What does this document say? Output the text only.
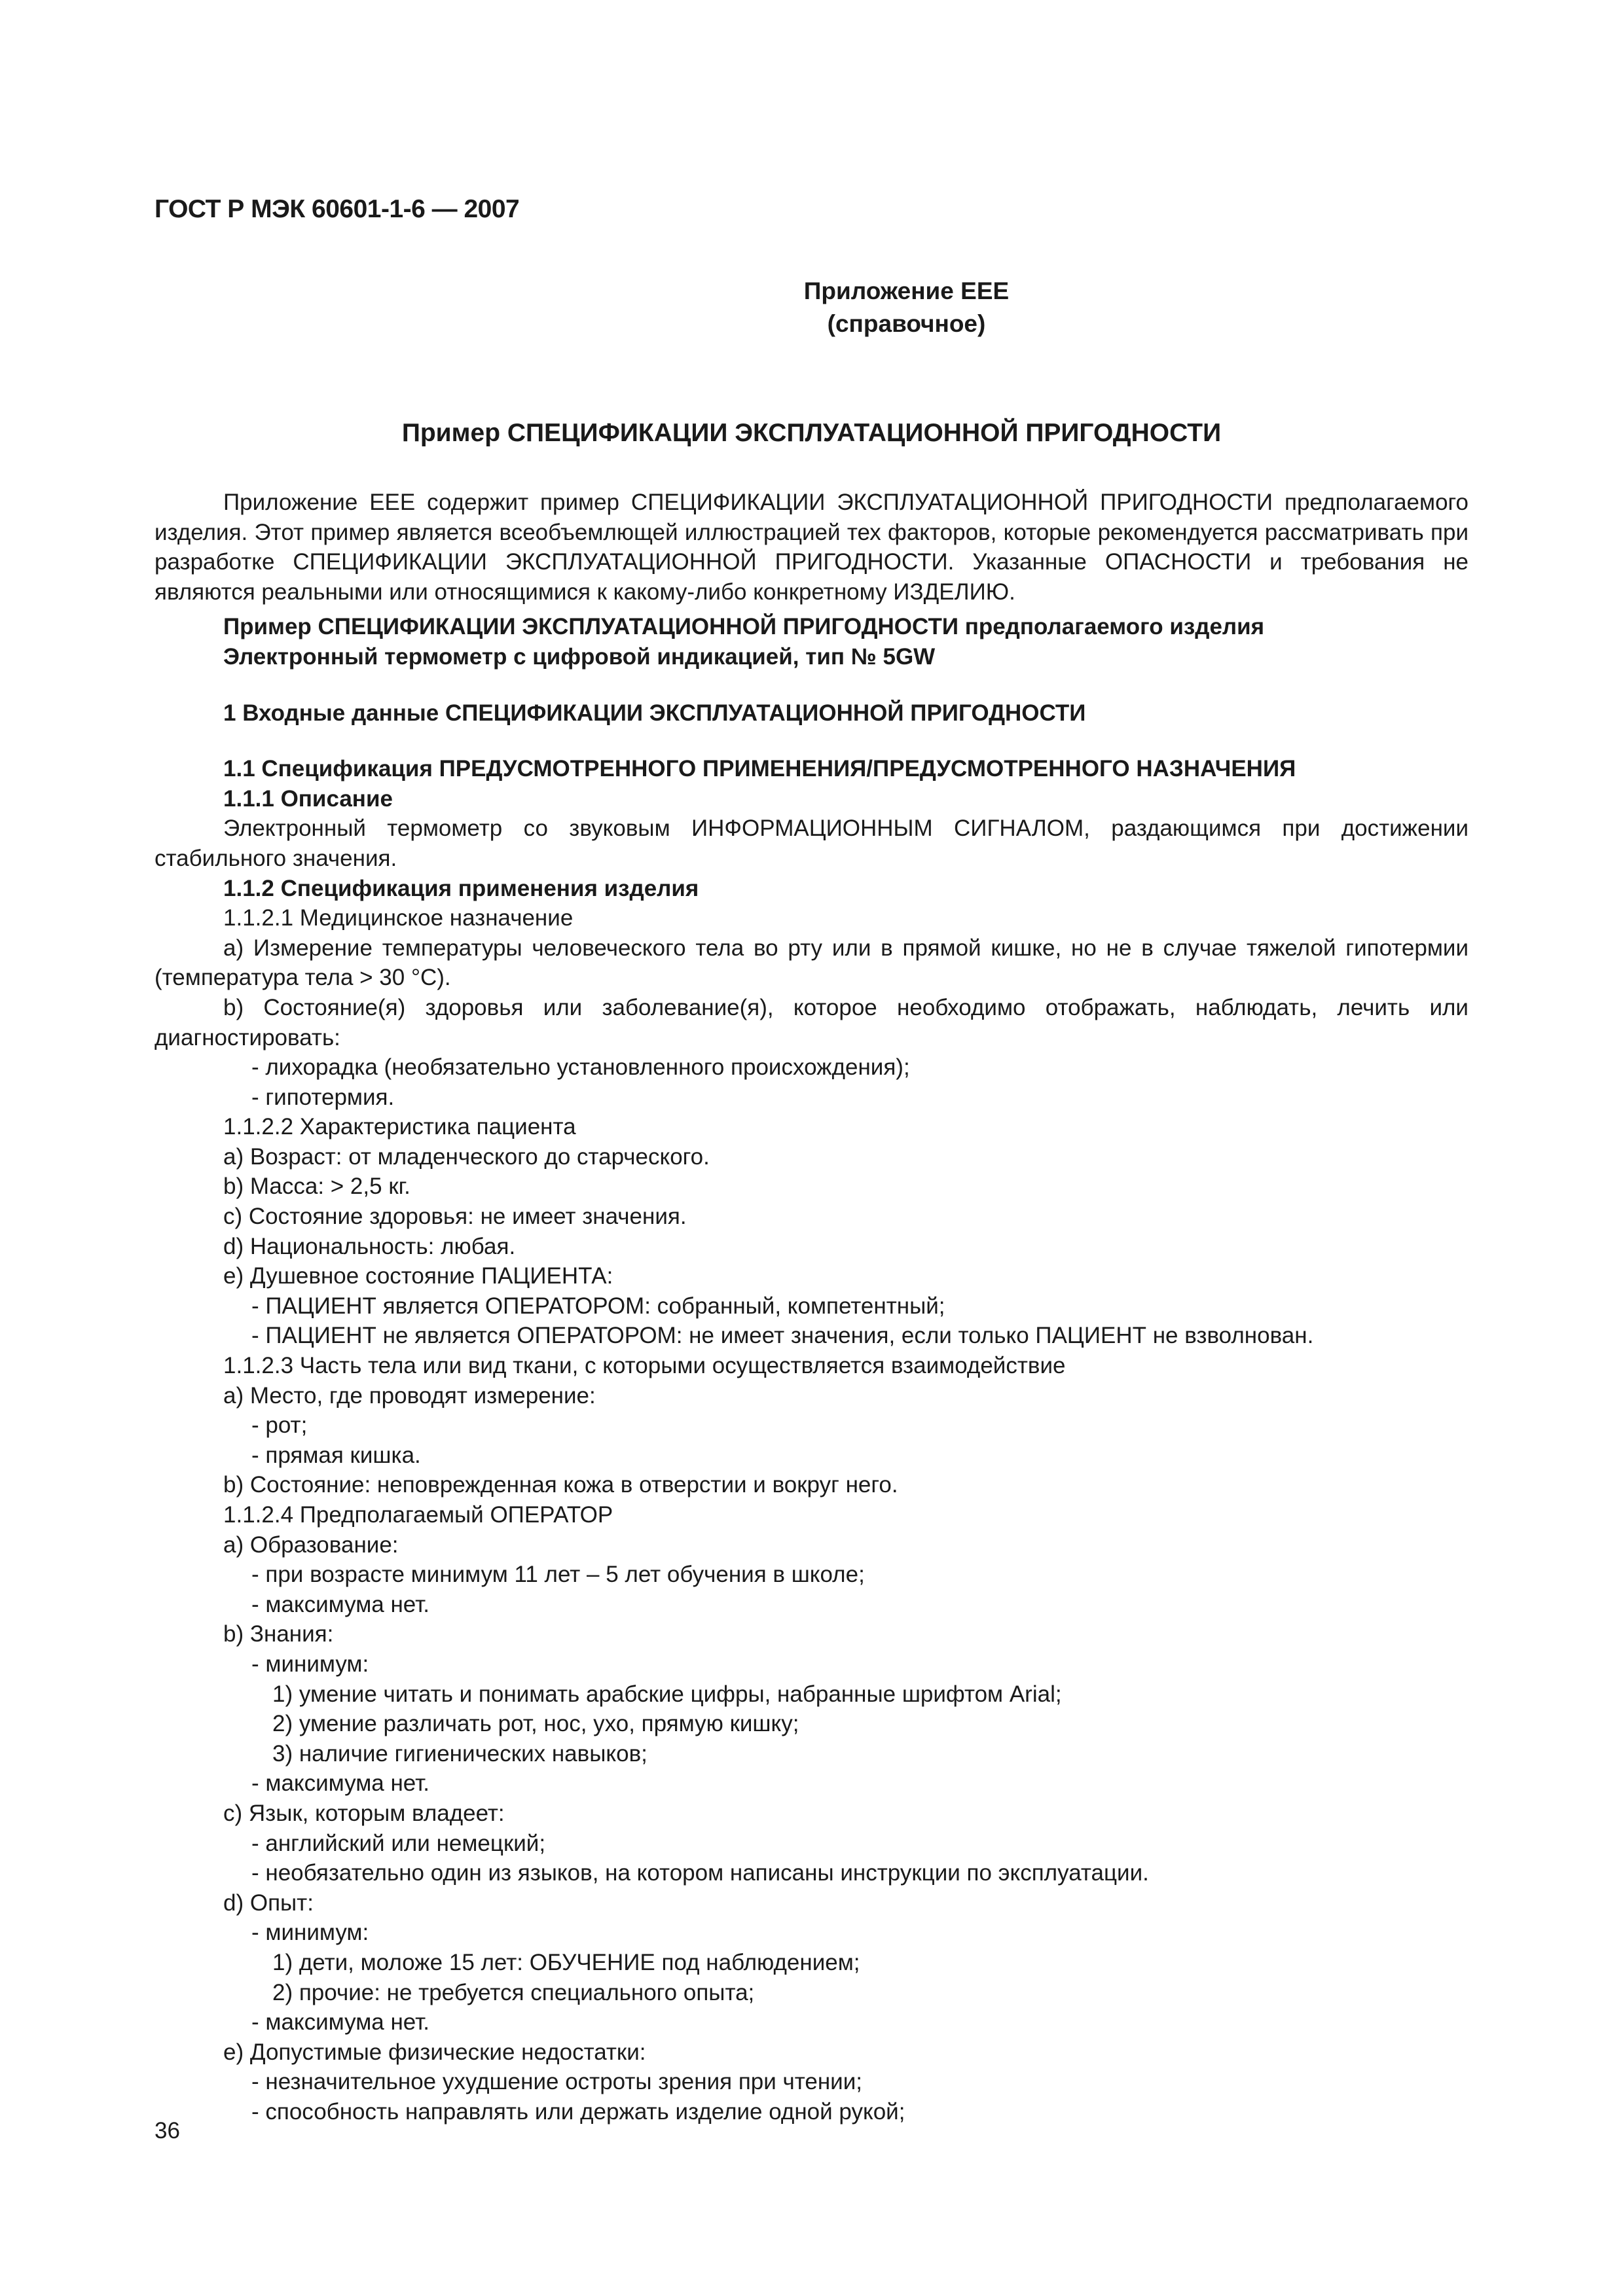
ГОСТ Р МЭК 60601-1-6 — 2007
Приложение ЕЕЕ
(справочное)
Пример СПЕЦИФИКАЦИИ ЭКСПЛУАТАЦИОННОЙ ПРИГОДНОСТИ
Приложение ЕЕЕ содержит пример СПЕЦИФИКАЦИИ ЭКСПЛУАТАЦИОННОЙ ПРИГОДНОСТИ предполагаемого изделия. Этот пример является всеобъемлющей иллюстрацией тех факторов, которые рекомендуется рассматривать при разработке СПЕЦИФИКАЦИИ ЭКСПЛУАТАЦИОННОЙ ПРИГОДНОСТИ. Указанные ОПАСНОСТИ и требования не являются реальными или относящимися к какому-либо конкретному ИЗДЕЛИЮ.
Пример СПЕЦИФИКАЦИИ ЭКСПЛУАТАЦИОННОЙ ПРИГОДНОСТИ предполагаемого изделия
Электронный термометр с цифровой индикацией, тип № 5GW
1 Входные данные СПЕЦИФИКАЦИИ ЭКСПЛУАТАЦИОННОЙ ПРИГОДНОСТИ
1.1 Спецификация ПРЕДУСМОТРЕННОГО ПРИМЕНЕНИЯ/ПРЕДУСМОТРЕННОГО НАЗНАЧЕНИЯ
1.1.1 Описание
Электронный термометр со звуковым ИНФОРМАЦИОННЫМ СИГНАЛОМ, раздающимся при достижении стабильного значения.
1.1.2 Спецификация применения изделия
1.1.2.1 Медицинское назначение
а) Измерение температуры человеческого тела во рту или в прямой кишке, но не в случае тяжелой гипотермии (температура тела > 30 °С).
b) Состояние(я) здоровья или заболевание(я), которое необходимо отображать, наблюдать, лечить или диагностировать:
- лихорадка (необязательно установленного происхождения);
- гипотермия.
1.1.2.2 Характеристика пациента
а) Возраст: от младенческого до старческого.
b) Масса: > 2,5 кг.
с) Состояние здоровья: не имеет значения.
d) Национальность: любая.
е) Душевное состояние ПАЦИЕНТА:
- ПАЦИЕНТ является ОПЕРАТОРОМ: собранный, компетентный;
- ПАЦИЕНТ не является ОПЕРАТОРОМ: не имеет значения, если только ПАЦИЕНТ не взволнован.
1.1.2.3 Часть тела или вид ткани, с которыми осуществляется взаимодействие
а) Место, где проводят измерение:
- рот;
- прямая кишка.
b) Состояние: неповрежденная кожа в отверстии и вокруг него.
1.1.2.4 Предполагаемый ОПЕРАТОР
а) Образование:
- при возрасте минимум 11 лет – 5 лет обучения в школе;
- максимума нет.
b) Знания:
- минимум:
1) умение читать и понимать арабские цифры, набранные шрифтом Arial;
2) умение различать рот, нос, ухо, прямую кишку;
3) наличие гигиенических навыков;
- максимума нет.
с) Язык, которым владеет:
- английский или немецкий;
- необязательно один из языков, на котором написаны инструкции по эксплуатации.
d) Опыт:
- минимум:
1) дети, моложе 15 лет: ОБУЧЕНИЕ под наблюдением;
2) прочие: не требуется специального опыта;
- максимума нет.
е) Допустимые физические недостатки:
- незначительное ухудшение остроты зрения при чтении;
- способность направлять или держать изделие одной рукой;
36
